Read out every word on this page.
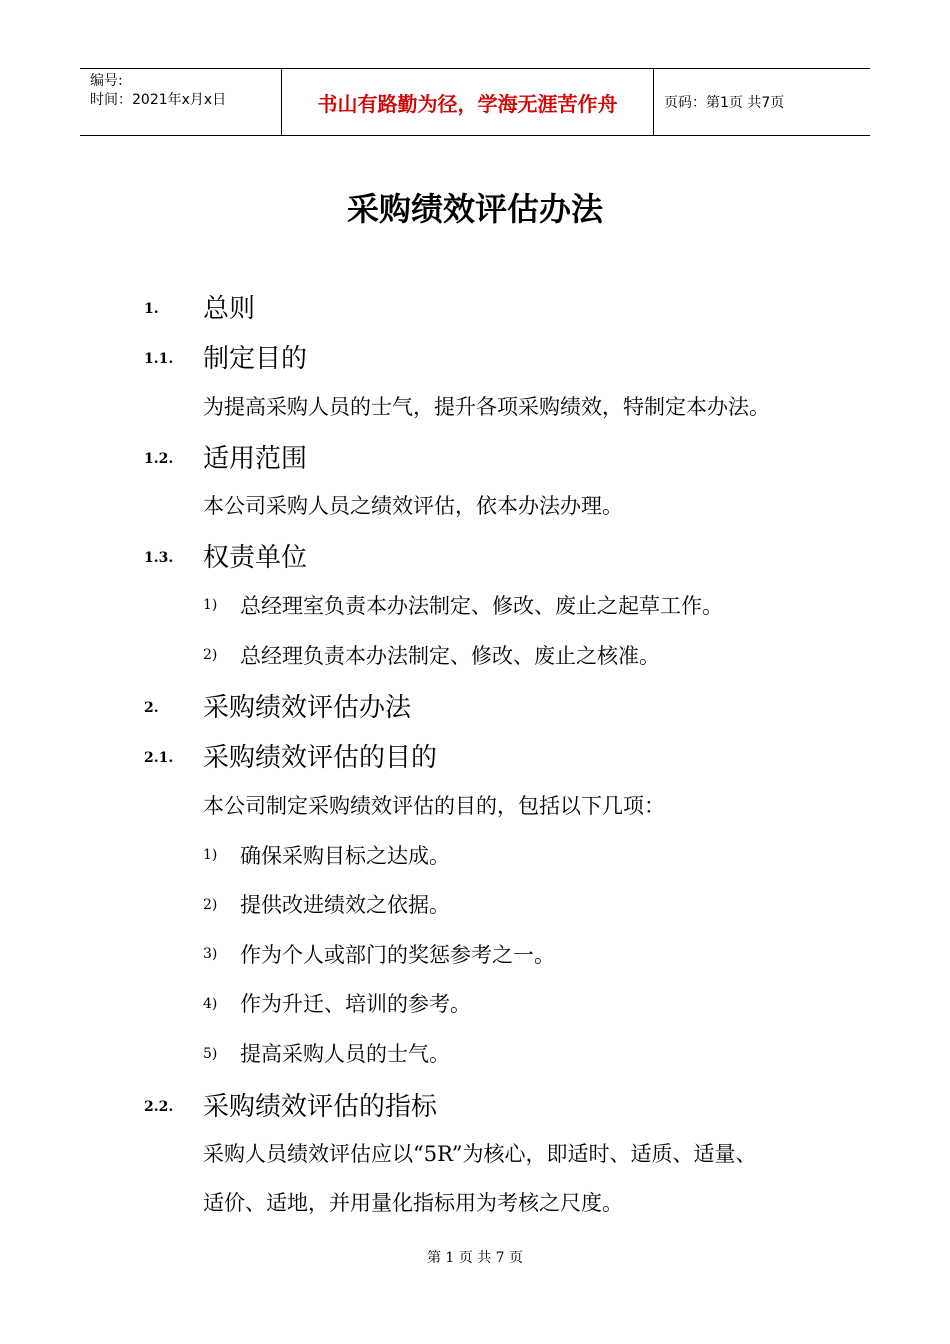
编号:
时间：2021年x月x日	书山有路勤为径，学海无涯苦作舟	页码：第1页 共7页
采购绩效评估办法
1. 总则
1.1. 制定目的
为提高采购人员的士气，提升各项采购绩效，特制定本办法。
1.2. 适用范围
本公司采购人员之绩效评估，依本办法办理。
1.3. 权责单位
1) 总经理室负责本办法制定、修改、废止之起草工作。
2) 总经理负责本办法制定、修改、废止之核准。
2. 采购绩效评估办法
2.1. 采购绩效评估的目的
本公司制定采购绩效评估的目的，包括以下几项：
1) 确保采购目标之达成。
2) 提供改进绩效之依据。
3) 作为个人或部门的奖惩参考之一。
4) 作为升迁、培训的参考。
5) 提高采购人员的士气。
2.2. 采购绩效评估的指标
采购人员绩效评估应以“5R”为核心，即适时、适质、适量、
适价、适地，并用量化指标用为考核之尺度。
第 1 页 共 7 页
